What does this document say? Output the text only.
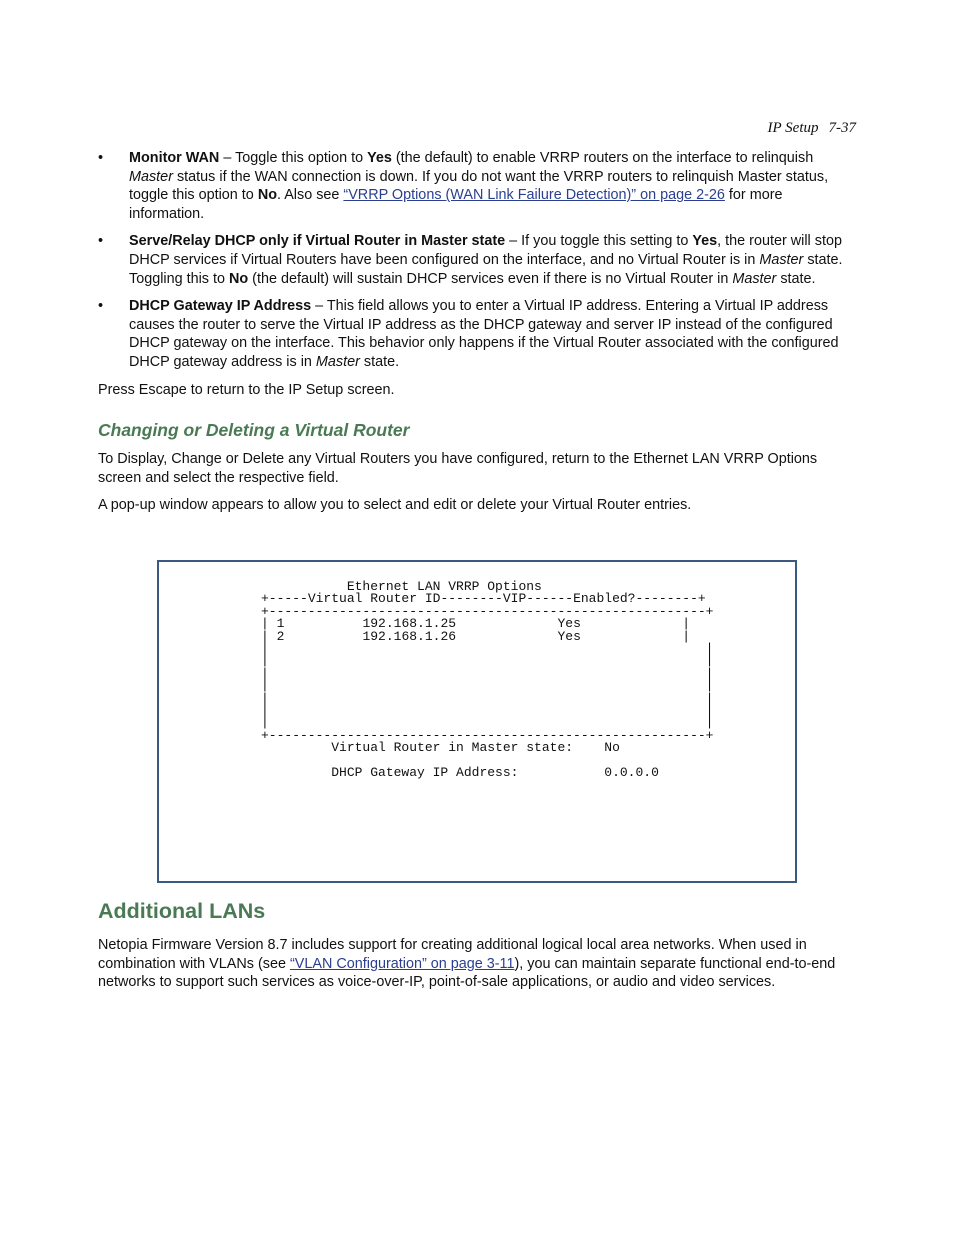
IP Setup 7-37
• Monitor WAN – Toggle this option to Yes (the default) to enable VRRP routers on the interface to relinquish Master status if the WAN connection is down. If you do not want the VRRP routers to relinquish Master status, toggle this option to No. Also see “VRRP Options (WAN Link Failure Detection)” on page 2-26 for more information.
• Serve/Relay DHCP only if Virtual Router in Master state – If you toggle this setting to Yes, the router will stop DHCP services if Virtual Routers have been configured on the interface, and no Virtual Router is in Master state. Toggling this to No (the default) will sustain DHCP services even if there is no Virtual Router in Master state.
• DHCP Gateway IP Address – This field allows you to enter a Virtual IP address. Entering a Virtual IP address causes the router to serve the Virtual IP address as the DHCP gateway and server IP instead of the configured DHCP gateway on the interface. This behavior only happens if the Virtual Router associated with the configured DHCP gateway address is in Master state.

Press Escape to return to the IP Setup screen.

Changing or Deleting a Virtual Router

To Display, Change or Delete any Virtual Routers you have configured, return to the Ethernet LAN VRRP Options screen and select the respective field.

A pop-up window appears to allow you to select and edit or delete your Virtual Router entries.

Ethernet LAN VRRP Options
+-----Virtual Router ID--------VIP------Enabled?--------+
+--------------------------------------------------------+
| 1	192.168.1.25	Yes	|
| 2	192.168.1.26	Yes	|
|                                                        |
|                                                        |
|                                                        |
|                                                        |
|                                                        |
|                                                        |
|                                                        |
+--------------------------------------------------------+
Virtual Router in Master state: No

DHCP Gateway IP Address:	0.0.0.0
Additional LANs

Netopia Firmware Version 8.7 includes support for creating additional logical local area networks. When used in combination with VLANs (see “VLAN Configuration” on page 3-11), you can maintain separate functional end-to-end networks to support such services as voice-over-IP, point-of-sale applications, or audio and video services.
